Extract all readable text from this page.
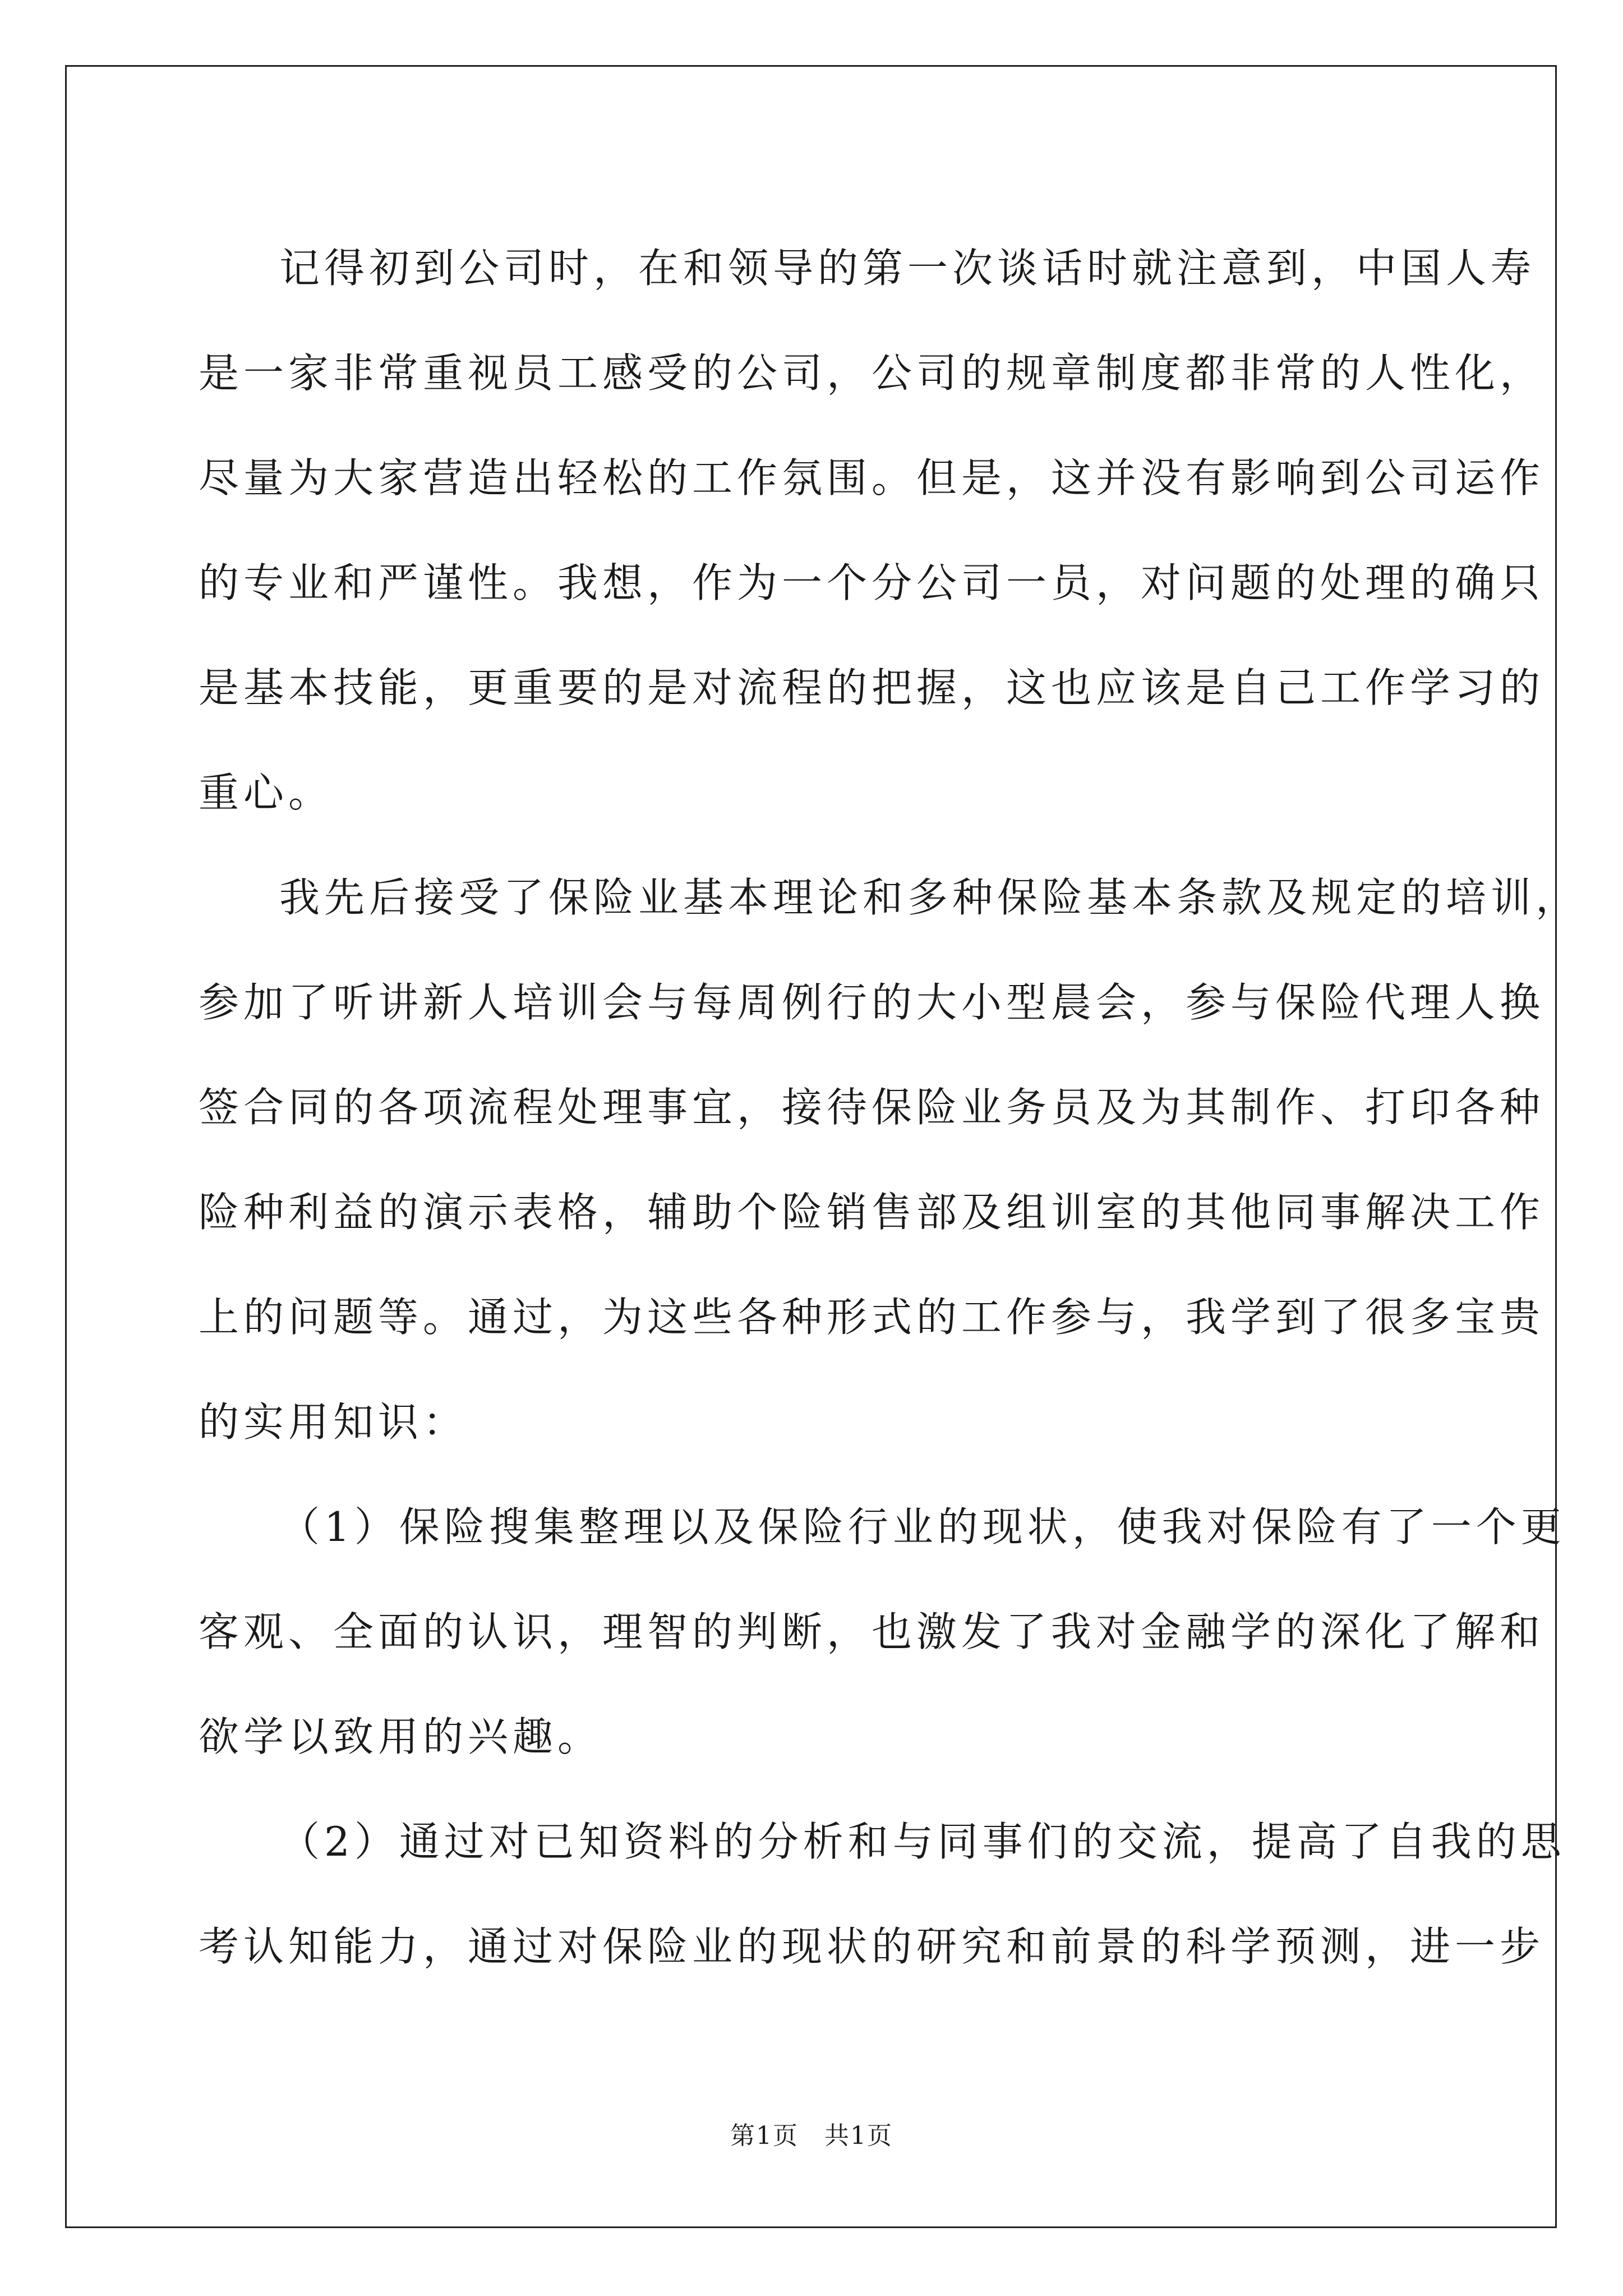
记得初到公司时，在和领导的第一次谈话时就注意到，中国人寿
是一家非常重视员工感受的公司，公司的规章制度都非常的人性化，
尽量为大家营造出轻松的工作氛围。但是，这并没有影响到公司运作
的专业和严谨性。我想，作为一个分公司一员，对问题的处理的确只
是基本技能，更重要的是对流程的把握，这也应该是自己工作学习的
重心。
我先后接受了保险业基本理论和多种保险基本条款及规定的培训，
参加了听讲新人培训会与每周例行的大小型晨会，参与保险代理人换
签合同的各项流程处理事宜，接待保险业务员及为其制作、打印各种
险种利益的演示表格，辅助个险销售部及组训室的其他同事解决工作
上的问题等。通过，为这些各种形式的工作参与，我学到了很多宝贵
的实用知识：
（1）保险搜集整理以及保险行业的现状，使我对保险有了一个更
客观、全面的认识，理智的判断，也激发了我对金融学的深化了解和
欲学以致用的兴趣。
（2）通过对已知资料的分析和与同事们的交流，提高了自我的思
考认知能力，通过对保险业的现状的研究和前景的科学预测，进一步
第1页　共1页
